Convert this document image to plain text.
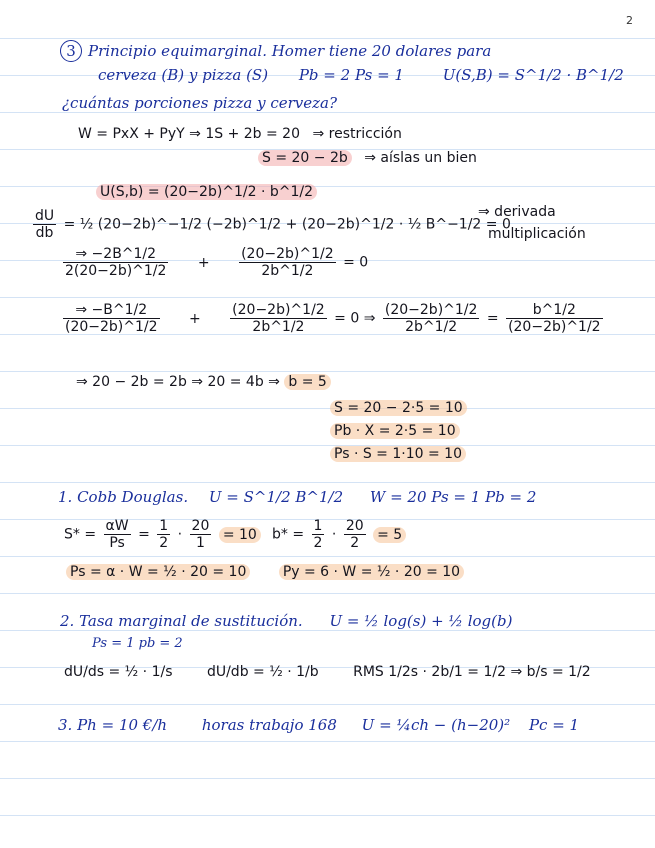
2
3 Principio equimarginal. Homer tiene 20 dolares para
cerveza (B) y pizza (S) Pb = 2 Ps = 1	U(S,B) = S^1/2 · B^1/2
¿cuántas porciones pizza y cerveza?
W = PxX + PyY ⇒ 1S + 2b = 20 ⇒ restricción
S = 20 − 2b ⇒ aíslas un bien
U(S,b) = (20−2b)^1/2 · b^1/2
$\frac{dU}{db}$ = ½ (20−2b)^−1/2 (−2b)^1/2 + (20−2b)^1/2 · ½ B^−1/2 = 0
⇒ derivada
multiplicación
$\frac{\Rightarrow -2B\^{}1/2}{2(20-2b)\^{}1/2} + \frac{(20-2b)\^{}1/2}{2b\^{}1/2} = 0$
$\frac{\Rightarrow -B\^{}1/2}{(20-2b)\^{}1/2} + \frac{(20-2b)\^{}1/2}{2b\^{}1/2} = 0$ ⇒ $\frac{(20-2b)\^{}1/2}{2b\^{}1/2} = \frac{b\^{}1/2}{(20-2b)\^{}1/2}$
⇒ 20 − 2b = 2b ⇒ 20 = 4b ⇒ b = 5
S = 20 − 2·5 = 10
Pb · X = 2·5 = 10
Ps · S = 1·10 = 10
1. Cobb Douglas. U = S^1/2 B^1/2 W = 20 Ps = 1 Pb = 2
$S* = \frac{\alpha W}{Ps} = \frac{1}{2} \cdot \frac{20}{1} = 10$ $b* = \frac{1}{2} \cdot \frac{20}{2} = 5$
Ps = α · W = ½ · 20 = 10	Py = 6 · W = ½ · 20 = 10
2. Tasa marginal de sustitución. U = ½ log(s) + ½ log(b)
Ps = 1 pb = 2
dU/ds = ½ · 1/s dU/db = ½ · 1/b RMS 1/2s · 2b/1 = 1/2 ⇒ b/s = 1/2
3. Ph = 10 €/h horas trabajo 168 U = ¼ch − (h−20)² Pc = 1
